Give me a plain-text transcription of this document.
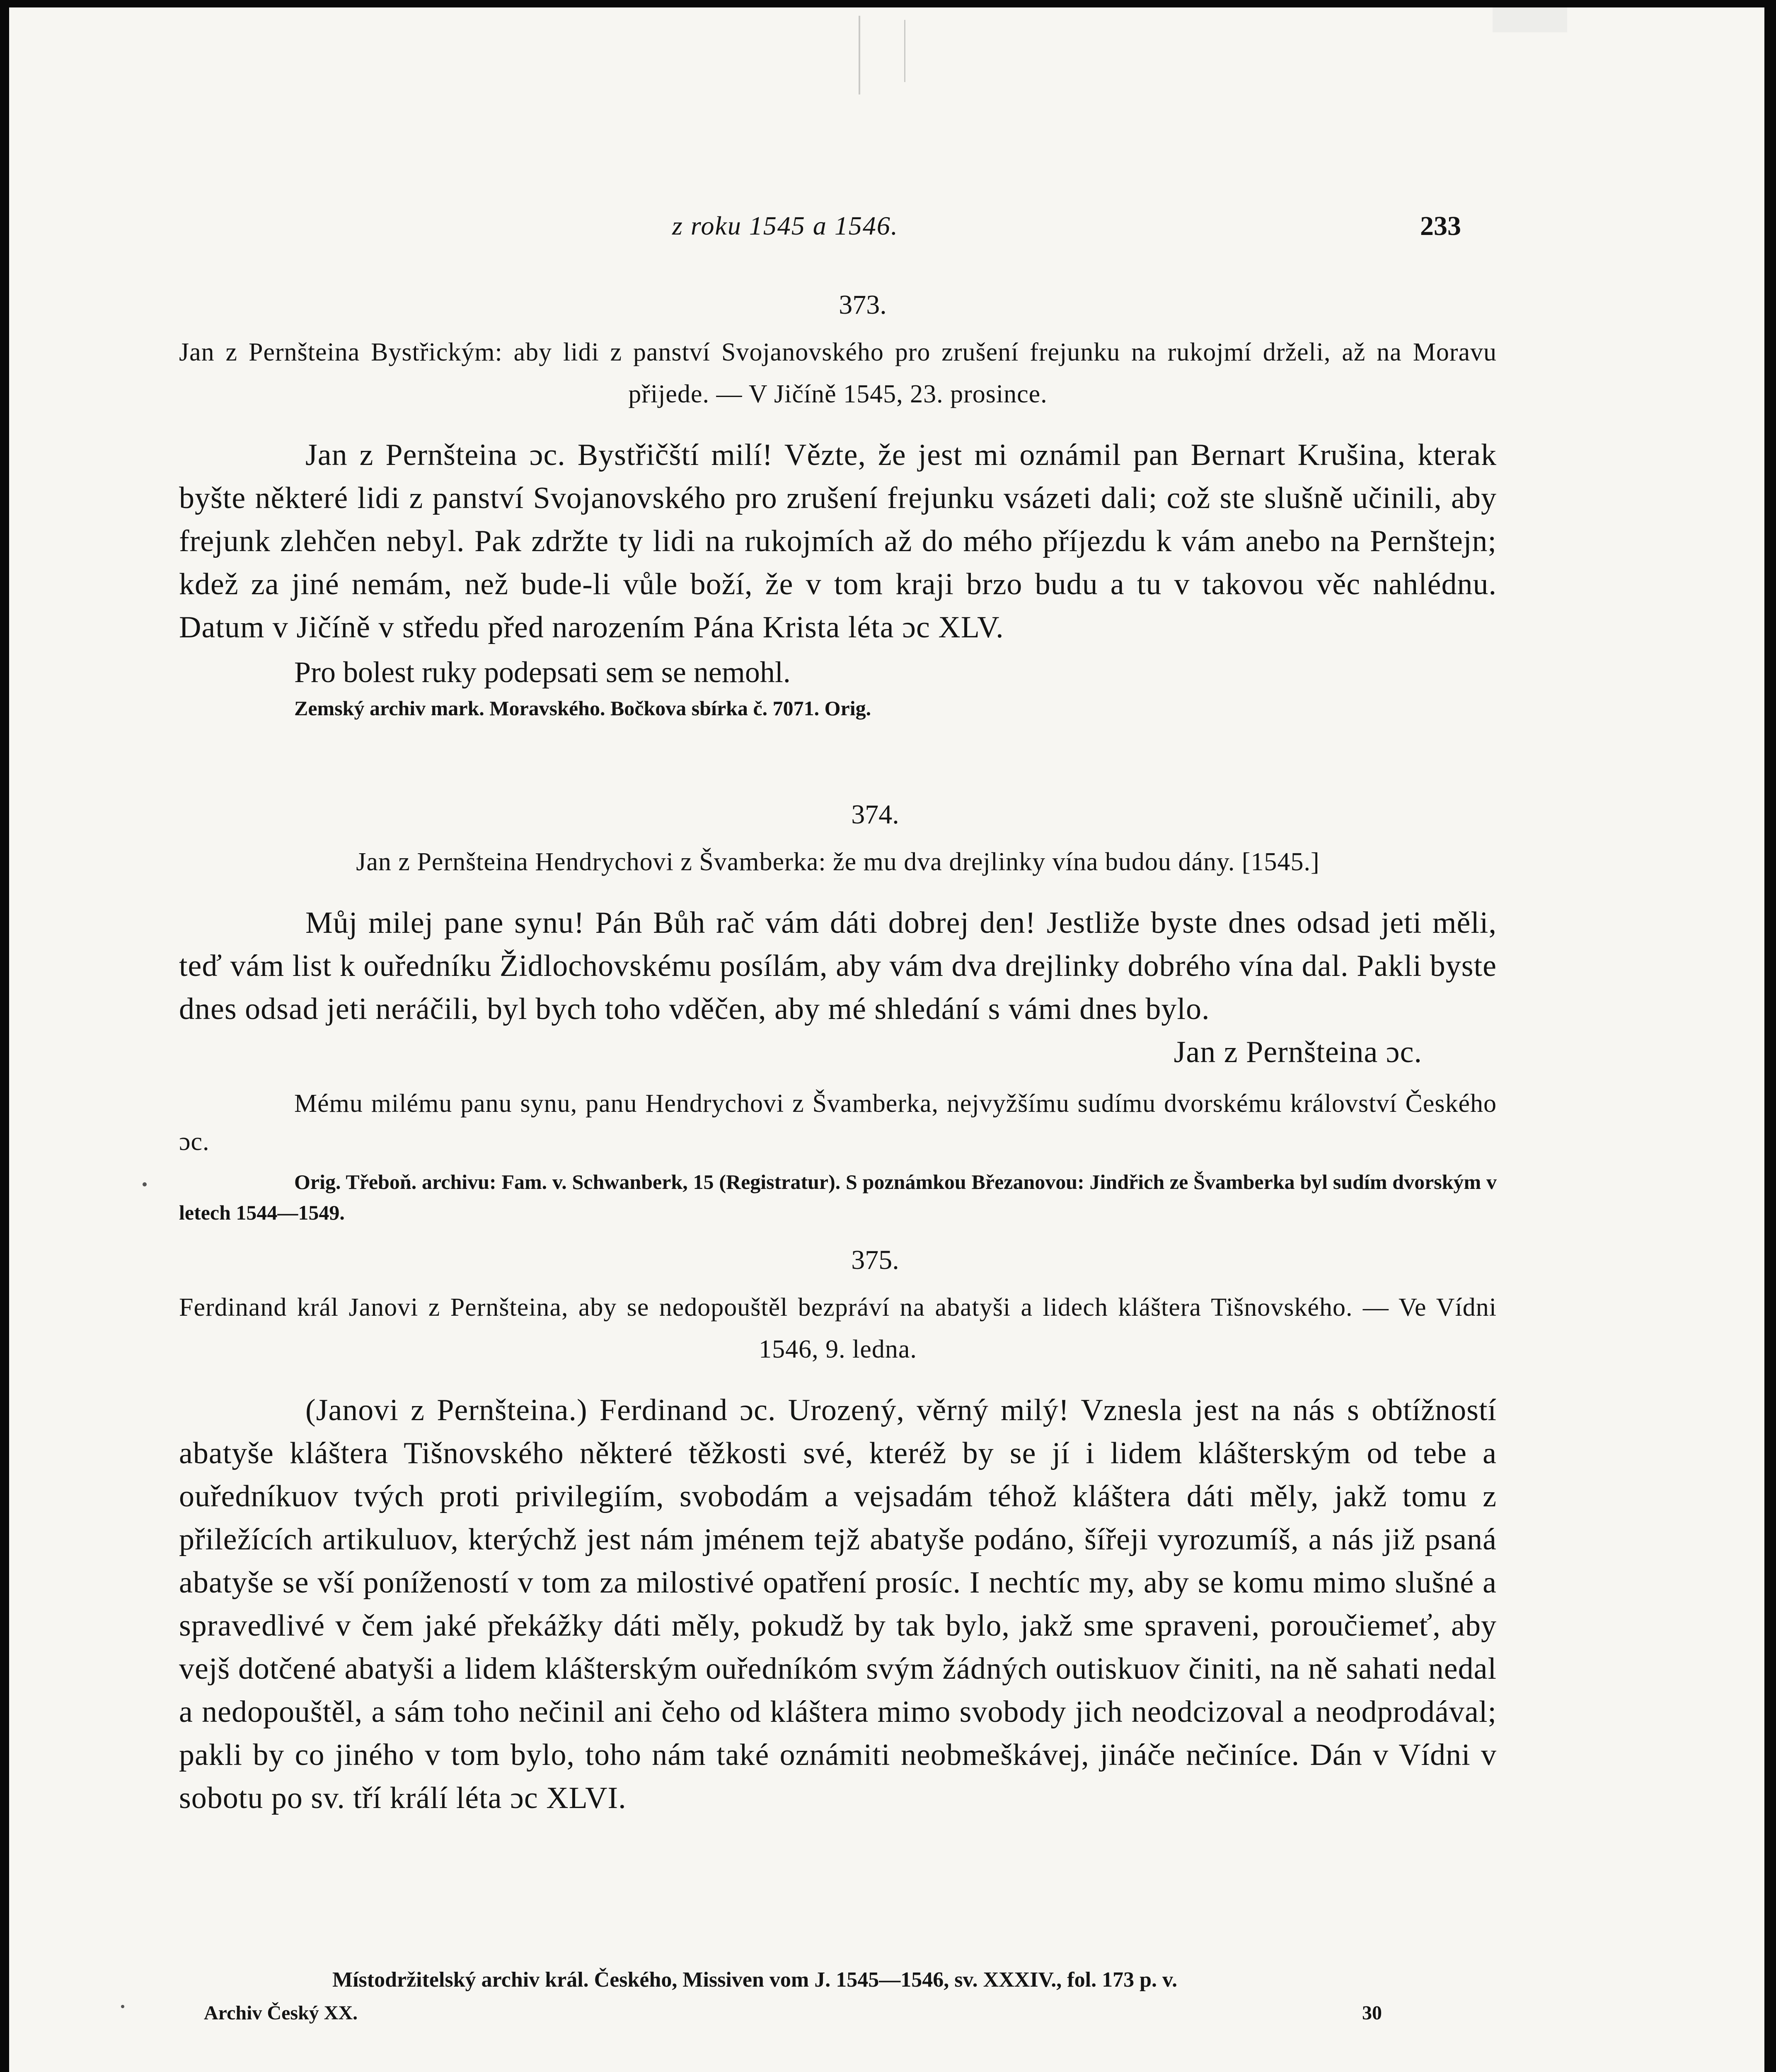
z roku 1545 a 1546.	233

373.

Jan z Pernšteina Bystřickým: aby lidi z panství Svojanovského pro zrušení frejunku na rukojmí drželi, až na Moravu přijede. — V Jičíně 1545, 23. prosince.

Jan z Pernšteina ɔc. Bystřičští milí! Vězte, že jest mi oznámil pan Bernart Krušina, kterak byšte některé lidi z panství Svojanovského pro zrušení frejunku vsázeti dali; což ste slušně učinili, aby frejunk zlehčen nebyl. Pak zdržte ty lidi na rukojmích až do mého příjezdu k vám anebo na Pernštejn; kdež za jiné nemám, než bude-li vůle boží, že v tom kraji brzo budu a tu v takovou věc nahlédnu. Datum v Jičíně v středu před narozením Pána Krista léta ɔc XLV.

Pro bolest ruky podepsati sem se nemohl.

Zemský archiv mark. Moravského. Bočkova sbírka č. 7071. Orig.

374.

Jan z Pernšteina Hendrychovi z Švamberka: že mu dva drejlinky vína budou dány. [1545.]

Můj milej pane synu! Pán Bůh rač vám dáti dobrej den! Jestliže byste dnes odsad jeti měli, teď vám list k ouředníku Židlochovskému posílám, aby vám dva drejlinky dobrého vína dal. Pakli byste dnes odsad jeti neráčili, byl bych toho vděčen, aby mé shledání s vámi dnes bylo.
Jan z Pernšteina ɔc.

Mému milému panu synu, panu Hendrychovi z Švamberka, nejvyžšímu sudímu dvorskému království Českého ɔc.

Orig. Třeboň. archivu: Fam. v. Schwanberk, 15 (Registratur). S poznámkou Březanovou: Jindřich ze Švamberka byl sudím dvorským v letech 1544—1549.

375.

Ferdinand král Janovi z Pernšteina, aby se nedopouštěl bezpráví na abatyši a lidech kláštera Tišnovského. — Ve Vídni 1546, 9. ledna.

(Janovi z Pernšteina.) Ferdinand ɔc. Urozený, věrný milý! Vznesla jest na nás s obtížností abatyše kláštera Tišnovského některé těžkosti své, kteréž by se jí i lidem klášterským od tebe a ouředníkuov tvých proti privilegiím, svobodám a vejsadám téhož kláštera dáti měly, jakž tomu z přiležících artikuluov, kterýchž jest nám jménem tejž abatyše podáno, šířeji vyrozumíš, a nás již psaná abatyše se vší ponížeností v tom za milostivé opatření prosíc. I nechtíc my, aby se komu mimo slušné a spravedlivé v čem jaké překážky dáti měly, pokudž by tak bylo, jakž sme spraveni, poroučiemeť, aby vejš dotčené abatyši a lidem klášterským ouředníkóm svým žádných outiskuov činiti, na ně sahati nedal a nedopouštěl, a sám toho nečinil ani čeho od kláštera mimo svobody jich neodcizoval a neodprodával; pakli by co jiného v tom bylo, toho nám také oznámiti neobmeškávej, jináče nečiníce. Dán v Vídni v sobotu po sv. tří králí léta ɔc XLVI.

Místodržitelský archiv král. Českého, Missiven vom J. 1545—1546, sv. XXXIV., fol. 173 p. v.
Archiv Český XX.	30
